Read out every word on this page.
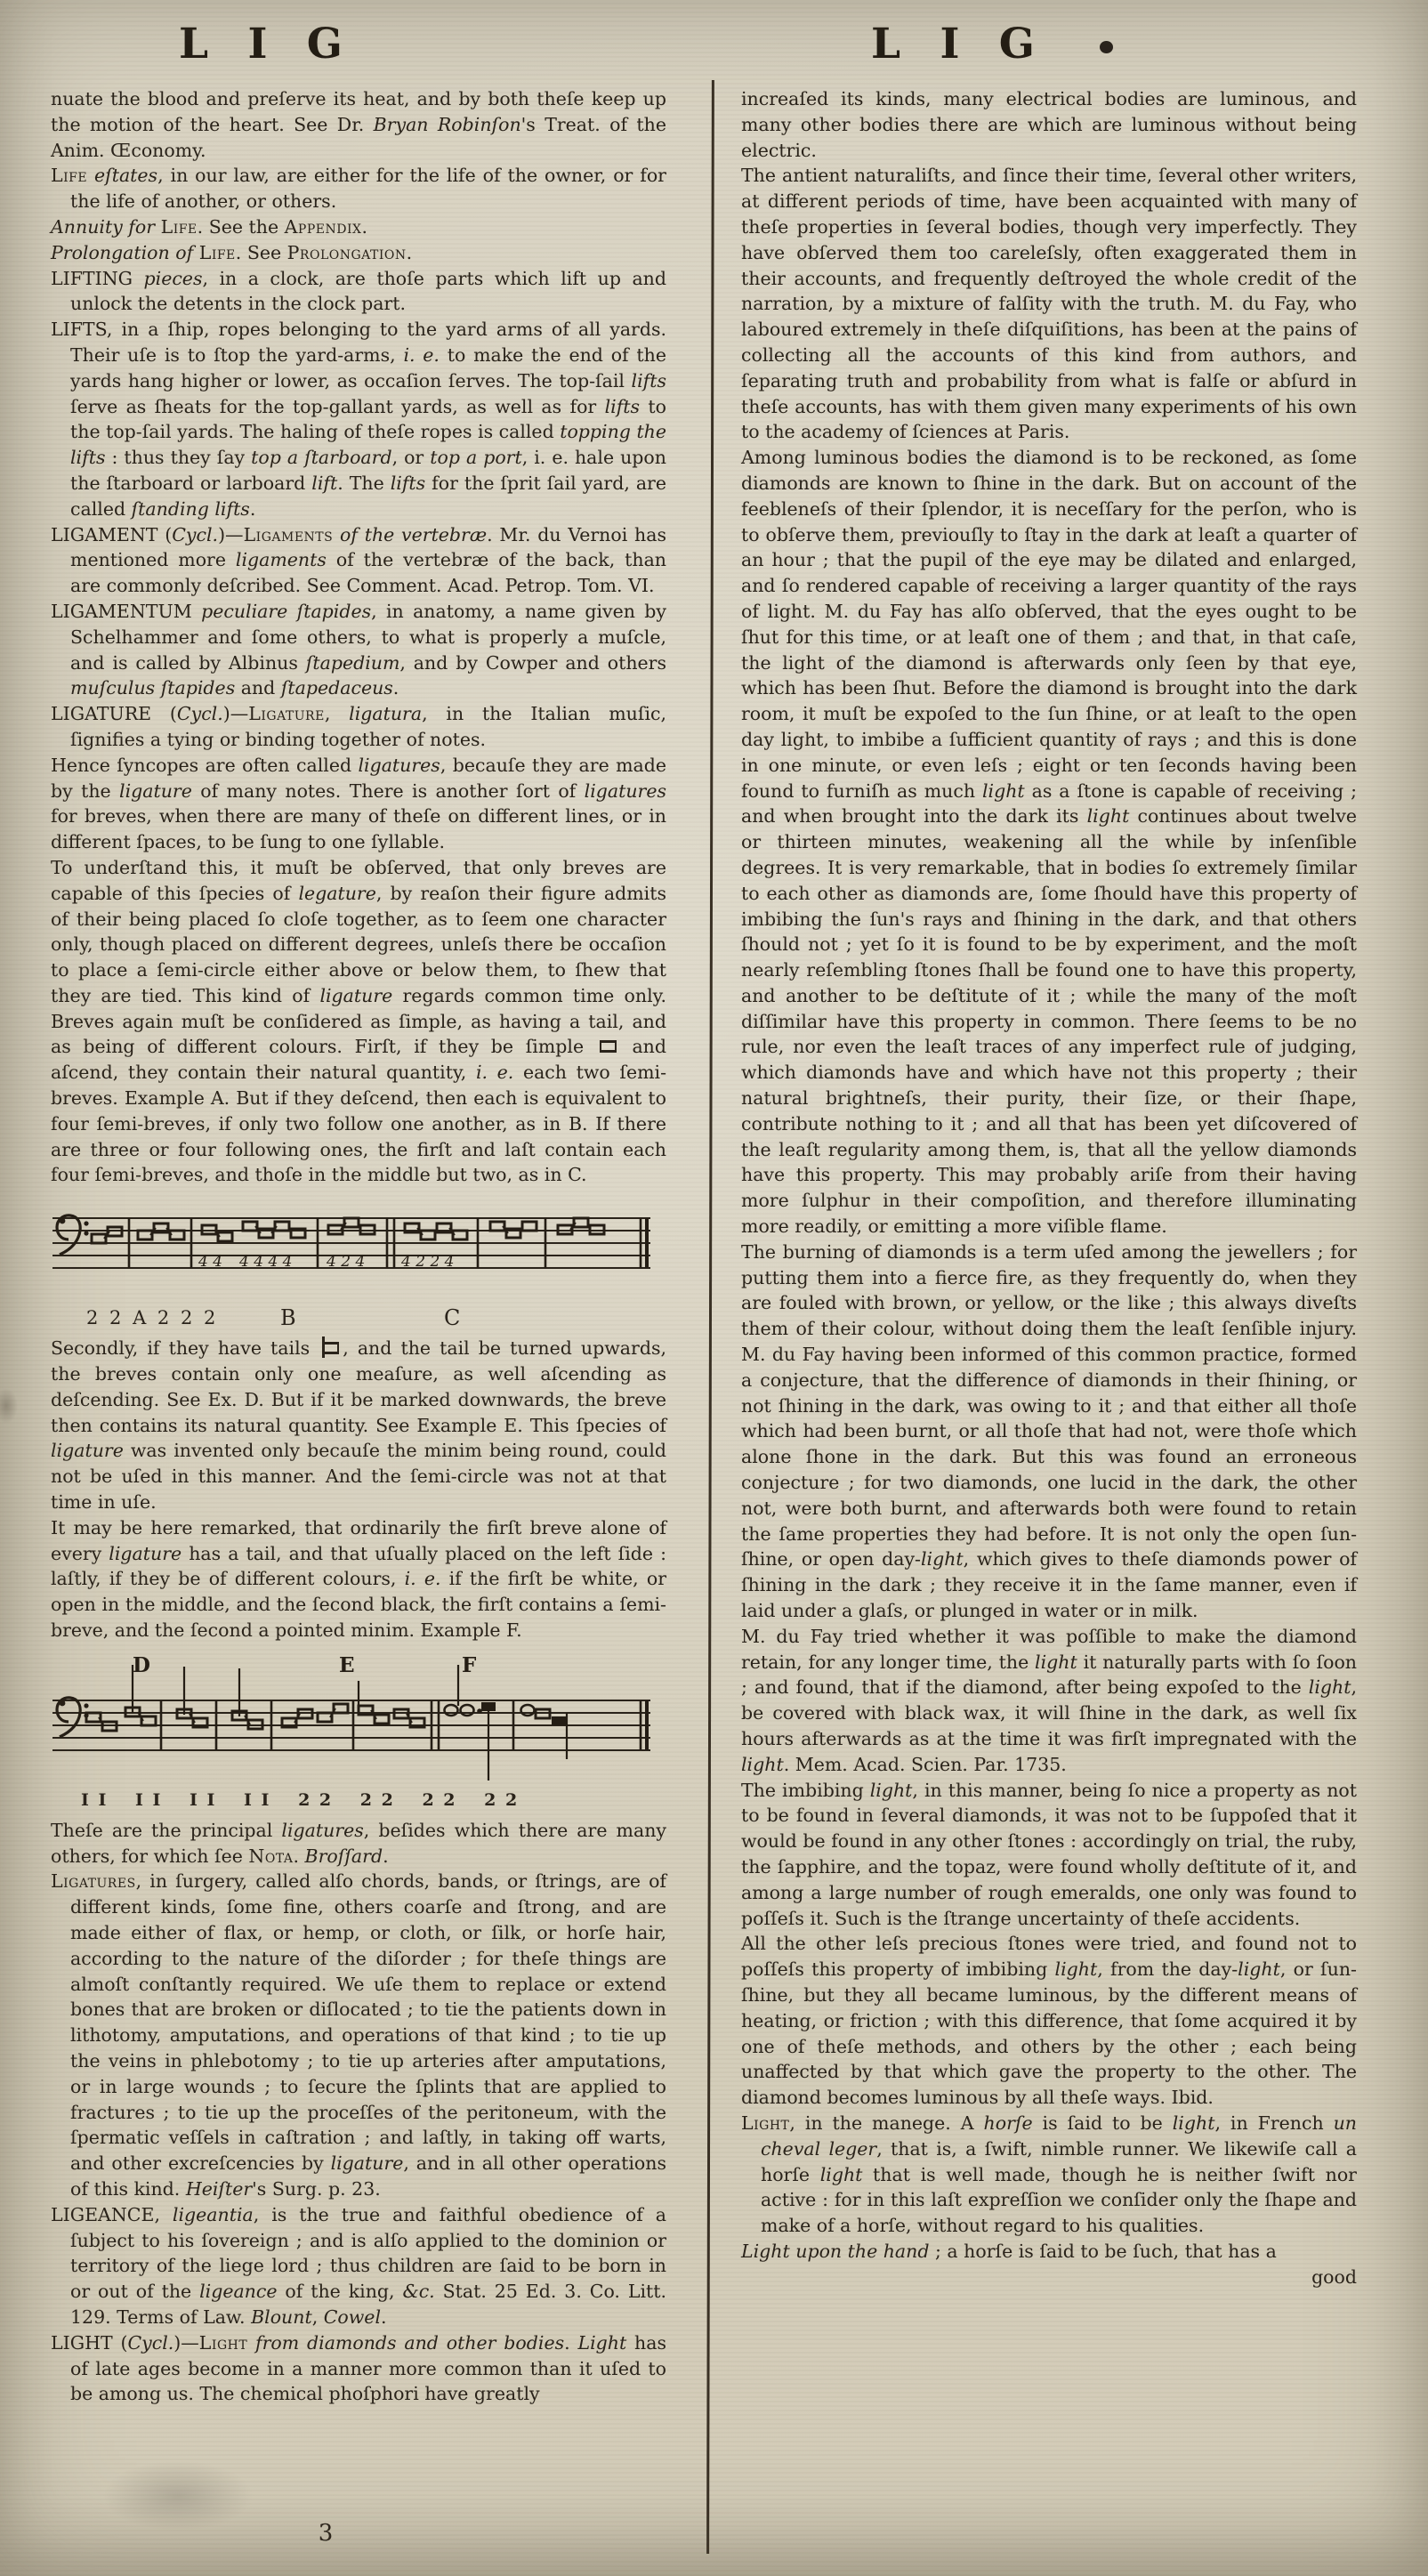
L I G	L I G
nuate the blood and preſerve its heat, and by both theſe keep up the motion of the heart. See Dr. Bryan Robinſon's Treat. of the Anim. Œconomy.
Life eſtates, in our law, are either for the life of the owner, or for the life of another, or others.
Annuity for Life. See the Appendix.
Prolongation of Life. See Prolongation.
LIFTING pieces, in a clock, are thoſe parts which lift up and unlock the detents in the clock part.
LIFTS, in a ſhip, ropes belonging to the yard arms of all yards. Their uſe is to ſtop the yard-arms, i. e. to make the end of the yards hang higher or lower, as occaſion ſerves. The top-ſail lifts ſerve as ſheats for the top-gallant yards, as well as for lifts to the top-ſail yards. The haling of theſe ropes is called topping the lifts : thus they ſay top a ſtarboard, or top a port, i. e. hale upon the ſtarboard or larboard lift. The lifts for the ſprit ſail yard, are called ſtanding lifts.
LIGAMENT (Cycl.)—Ligaments of the vertebræ. Mr. du Vernoi has mentioned more ligaments of the vertebræ of the back, than are commonly deſcribed. See Comment. Acad. Petrop. Tom. VI.
LIGAMENTUM peculiare ſtapides, in anatomy, a name given by Schelhammer and ſome others, to what is properly a muſcle, and is called by Albinus ſtapedium, and by Cowper and others muſculus ſtapides and ſtapedaceus.
LIGATURE (Cycl.)—Ligature, ligatura, in the Italian muſic, ſignifies a tying or binding together of notes.
Hence ſyncopes are often called ligatures, becauſe they are made by the ligature of many notes. There is another ſort of ligatures for breves, when there are many of theſe on different lines, or in different ſpaces, to be ſung to one ſyllable.
To underſtand this, it muſt be obſerved, that only breves are capable of this ſpecies of legature, by reaſon their figure admits of their being placed ſo cloſe together, as to ſeem one character only, though placed on different degrees, unleſs there be occaſion to place a ſemi-circle either above or below them, to ſhew that they are tied. This kind of ligature regards common time only. Breves again muſt be conſidered as ſimple, as having a tail, and as being of different colours. Firſt, if they be ſimple  and aſcend, they contain their natural quantity, i. e. each two ſemi-breves. Example A. But if they deſcend, then each is equivalent to four ſemi-breves, if only two follow one another, as in B. If there are three or four following ones, the firſt and laſt contain each four ſemi-breves, and thoſe in the middle but two, as in C.
4 4 4 4 4 4 4 2 4 4 2 2 4
2 2 A 2 2 2	B	C
Secondly, if they have tails , and the tail be turned upwards, the breves contain only one meaſure, as well aſcending as deſcending. See Ex. D. But if it be marked downwards, the breve then contains its natural quantity. See Example E. This ſpecies of ligature was invented only becauſe the minim being round, could not be uſed in this manner. And the ſemi-circle was not at that time in uſe.
It may be here remarked, that ordinarily the firſt breve alone of every ligature has a tail, and that uſually placed on the left ſide : laſtly, if they be of different colours, i. e. if the firſt be white, or open in the middle, and the ſecond black, the firſt contains a ſemi-breve, and the ſecond a pointed minim. Example F.
D	E	F
I I I I I I I I 2 2 2 2 2 2 2 2
Theſe are the principal ligatures, beſides which there are many others, for which ſee Nota. Broſſard.
Ligatures, in ſurgery, called alſo chords, bands, or ſtrings, are of different kinds, ſome fine, others coarſe and ſtrong, and are made either of flax, or hemp, or cloth, or ſilk, or horſe hair, according to the nature of the diſorder ; for theſe things are almoſt conſtantly required. We uſe them to replace or extend bones that are broken or diſlocated ; to tie the patients down in lithotomy, amputations, and operations of that kind ; to tie up the veins in phlebotomy ; to tie up arteries after amputations, or in large wounds ; to ſecure the ſplints that are applied to fractures ; to tie up the proceſſes of the peritoneum, with the ſpermatic veſſels in caſtration ; and laſtly, in taking off warts, and other excreſcencies by ligature, and in all other operations of this kind. Heiſter's Surg. p. 23.
LIGEANCE, ligeantia, is the true and faithful obedience of a ſubject to his ſovereign ; and is alſo applied to the dominion or territory of the liege lord ; thus children are ſaid to be born in or out of the ligeance of the king, &c. Stat. 25 Ed. 3. Co. Litt. 129. Terms of Law. Blount, Cowel.
LIGHT (Cycl.)—Light from diamonds and other bodies. Light has of late ages become in a manner more common than it uſed to be among us. The chemical phoſphori have greatly
increaſed its kinds, many electrical bodies are luminous, and many other bodies there are which are luminous without being electric.
The antient naturaliſts, and ſince their time, ſeveral other writers, at different periods of time, have been acquainted with many of theſe properties in ſeveral bodies, though very imperfectly. They have obſerved them too careleſsly, often exaggerated them in their accounts, and frequently deſtroyed the whole credit of the narration, by a mixture of falſity with the truth. M. du Fay, who laboured extremely in theſe diſquiſitions, has been at the pains of collecting all the accounts of this kind from authors, and ſeparating truth and probability from what is falſe or abſurd in theſe accounts, has with them given many experiments of his own to the academy of ſciences at Paris.
Among luminous bodies the diamond is to be reckoned, as ſome diamonds are known to ſhine in the dark. But on account of the feebleneſs of their ſplendor, it is neceſſary for the perſon, who is to obſerve them, previouſly to ſtay in the dark at leaſt a quarter of an hour ; that the pupil of the eye may be dilated and enlarged, and ſo rendered capable of receiving a larger quantity of the rays of light. M. du Fay has alſo obſerved, that the eyes ought to be ſhut for this time, or at leaſt one of them ; and that, in that caſe, the light of the diamond is afterwards only ſeen by that eye, which has been ſhut. Before the diamond is brought into the dark room, it muſt be expoſed to the ſun ſhine, or at leaſt to the open day light, to imbibe a ſufficient quantity of rays ; and this is done in one minute, or even leſs ; eight or ten ſeconds having been found to furniſh as much light as a ſtone is capable of receiving ; and when brought into the dark its light continues about twelve or thirteen minutes, weakening all the while by inſenſible degrees. It is very remarkable, that in bodies ſo extremely ſimilar to each other as diamonds are, ſome ſhould have this property of imbibing the ſun's rays and ſhining in the dark, and that others ſhould not ; yet ſo it is found to be by experiment, and the moſt nearly reſembling ſtones ſhall be found one to have this property, and another to be deſtitute of it ; while the many of the moſt diſſimilar have this property in common. There ſeems to be no rule, nor even the leaſt traces of any imperfect rule of judging, which diamonds have and which have not this property ; their natural brightneſs, their purity, their ſize, or their ſhape, contribute nothing to it ; and all that has been yet diſcovered of the leaſt regularity among them, is, that all the yellow diamonds have this property. This may probably ariſe from their having more ſulphur in their compoſition, and therefore illuminating more readily, or emitting a more viſible flame.
The burning of diamonds is a term uſed among the jewellers ; for putting them into a fierce fire, as they frequently do, when they are fouled with brown, or yellow, or the like ; this always diveſts them of their colour, without doing them the leaſt ſenſible injury. M. du Fay having been informed of this common practice, formed a conjecture, that the difference of diamonds in their ſhining, or not ſhining in the dark, was owing to it ; and that either all thoſe which had been burnt, or all thoſe that had not, were thoſe which alone ſhone in the dark. But this was found an erroneous conjecture ; for two diamonds, one lucid in the dark, the other not, were both burnt, and afterwards both were found to retain the ſame properties they had before. It is not only the open ſun-ſhine, or open day-light, which gives to theſe diamonds power of ſhining in the dark ; they receive it in the ſame manner, even if laid under a glaſs, or plunged in water or in milk.
M. du Fay tried whether it was poſſible to make the diamond retain, for any longer time, the light it naturally parts with ſo ſoon ; and found, that if the diamond, after being expoſed to the light, be covered with black wax, it will ſhine in the dark, as well ſix hours afterwards as at the time it was firſt impregnated with the light. Mem. Acad. Scien. Par. 1735.
The imbibing light, in this manner, being ſo nice a property as not to be found in ſeveral diamonds, it was not to be ſuppoſed that it would be found in any other ſtones : accordingly on trial, the ruby, the ſapphire, and the topaz, were found wholly deſtitute of it, and among a large number of rough emeralds, one only was found to poſſeſs it. Such is the ſtrange uncertainty of theſe accidents.
All the other leſs precious ſtones were tried, and found not to poſſeſs this property of imbibing light, from the day-light, or ſun-ſhine, but they all became luminous, by the different means of heating, or friction ; with this difference, that ſome acquired it by one of theſe methods, and others by the other ; each being unaffected by that which gave the property to the other. The diamond becomes luminous by all theſe ways. Ibid.
Light, in the manege. A horſe is ſaid to be light, in French un cheval leger, that is, a ſwift, nimble runner. We likewiſe call a horſe light that is well made, though he is neither ſwift nor active : for in this laſt expreſſion we conſider only the ſhape and make of a horſe, without regard to his qualities.
Light upon the hand ; a horſe is ſaid to be ſuch, that has a
good
3
